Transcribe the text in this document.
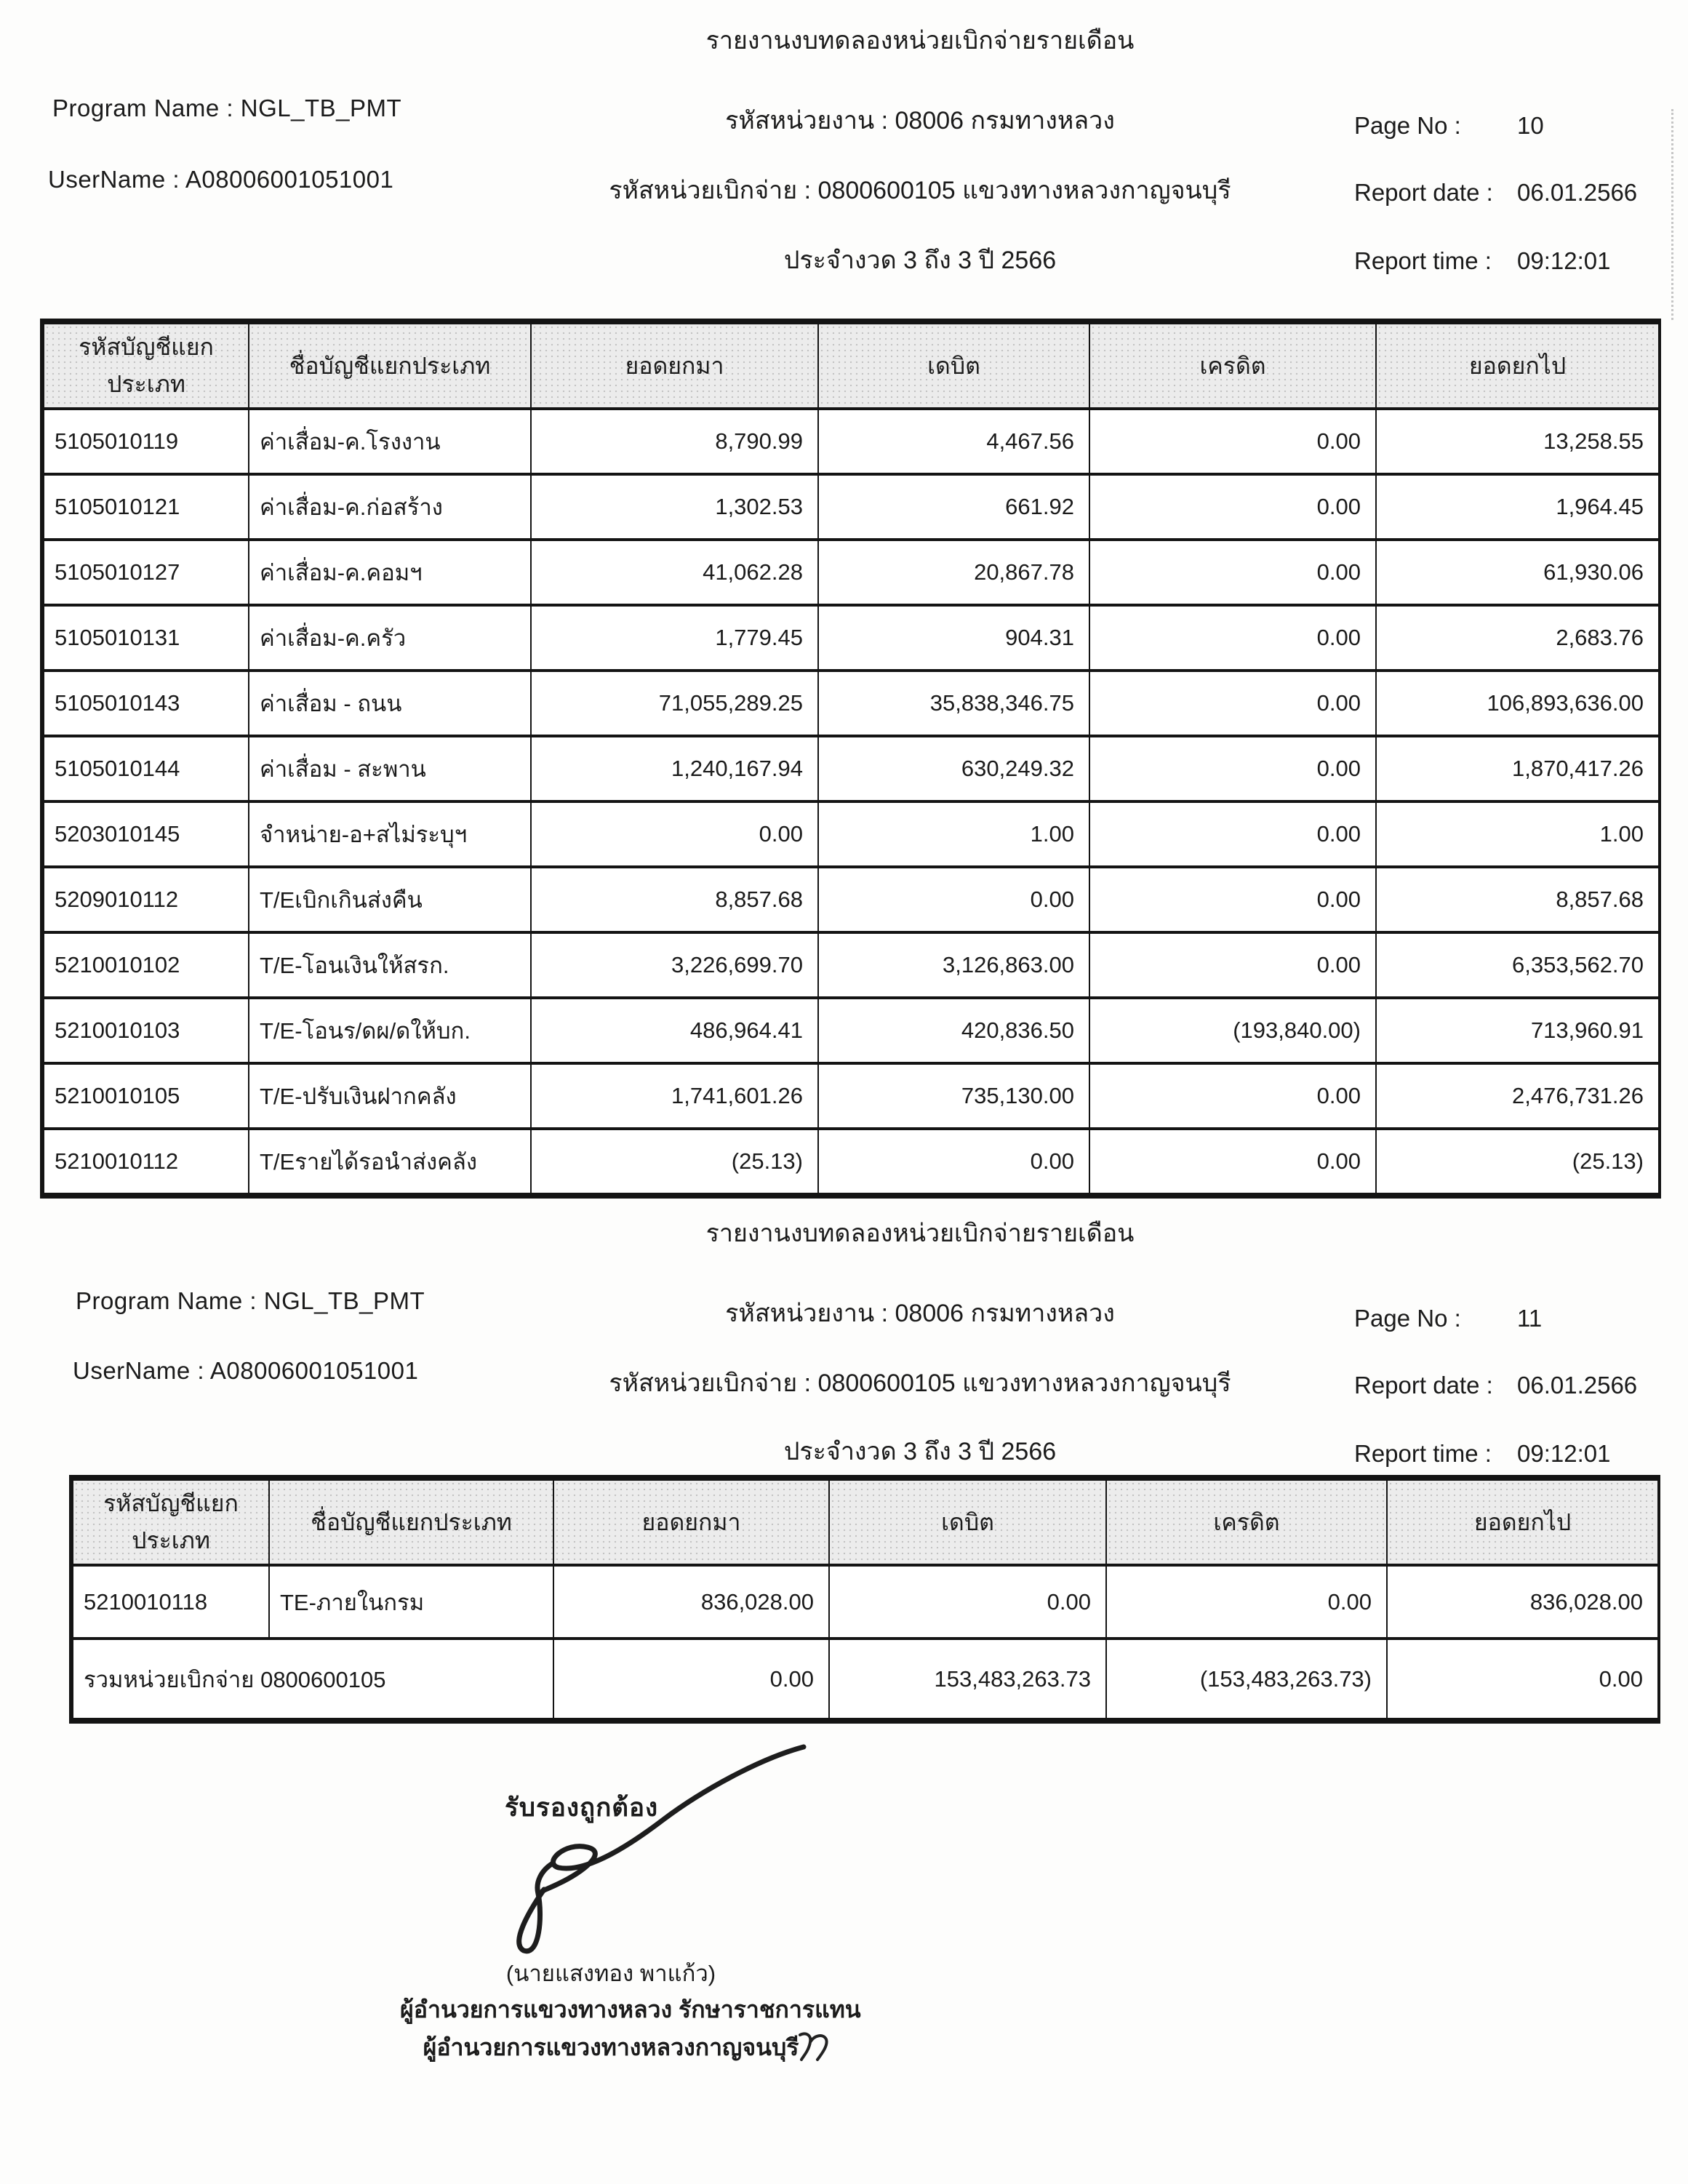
รายงานงบทดลองหน่วยเบิกจ่ายรายเดือน
Program Name : NGL_TB_PMT	รหัสหน่วยงาน : 08006 กรมทางหลวง	Page No : 10
UserName : A08006001051001	รหัสหน่วยเบิกจ่าย : 0800600105 แขวงทางหลวงกาญจนบุรี	Report date : 06.01.2566
ประจำงวด 3 ถึง 3 ปี 2566	Report time : 09:12:01
รหัสบัญชีแยกประเภท	ชื่อบัญชีแยกประเภท	ยอดยกมา	เดบิต	เครดิต	ยอดยกไป
5105010119	ค่าเสื่อม-ค.โรงงาน	8,790.99	4,467.56	0.00	13,258.55
5105010121	ค่าเสื่อม-ค.ก่อสร้าง	1,302.53	661.92	0.00	1,964.45
5105010127	ค่าเสื่อม-ค.คอมฯ	41,062.28	20,867.78	0.00	61,930.06
5105010131	ค่าเสื่อม-ค.ครัว	1,779.45	904.31	0.00	2,683.76
5105010143	ค่าเสื่อม - ถนน	71,055,289.25	35,838,346.75	0.00	106,893,636.00
5105010144	ค่าเสื่อม - สะพาน	1,240,167.94	630,249.32	0.00	1,870,417.26
5203010145	จำหน่าย-อ+สไม่ระบุฯ	0.00	1.00	0.00	1.00
5209010112	T/Eเบิกเกินส่งคืน	8,857.68	0.00	0.00	8,857.68
5210010102	T/E-โอนเงินให้สรก.	3,226,699.70	3,126,863.00	0.00	6,353,562.70
5210010103	T/E-โอนร/ดผ/ดให้บก.	486,964.41	420,836.50	(193,840.00)	713,960.91
5210010105	T/E-ปรับเงินฝากคลัง	1,741,601.26	735,130.00	0.00	2,476,731.26
5210010112	T/Eรายได้รอนำส่งคลัง	(25.13)	0.00	0.00	(25.13)
รายงานงบทดลองหน่วยเบิกจ่ายรายเดือน
Program Name : NGL_TB_PMT	รหัสหน่วยงาน : 08006 กรมทางหลวง	Page No : 11
UserName : A08006001051001	รหัสหน่วยเบิกจ่าย : 0800600105 แขวงทางหลวงกาญจนบุรี	Report date : 06.01.2566
ประจำงวด 3 ถึง 3 ปี 2566	Report time : 09:12:01
รหัสบัญชีแยกประเภท	ชื่อบัญชีแยกประเภท	ยอดยกมา	เดบิต	เครดิต	ยอดยกไป
5210010118	TE-ภายในกรม	836,028.00	0.00	0.00	836,028.00
รวมหน่วยเบิกจ่าย 0800600105		0.00	153,483,263.73	(153,483,263.73)	0.00
รับรองถูกต้อง
(นายแสงทอง พาแก้ว)
ผู้อำนวยการแขวงทางหลวง รักษาราชการแทน
ผู้อำนวยการแขวงทางหลวงกาญจนบุรี
